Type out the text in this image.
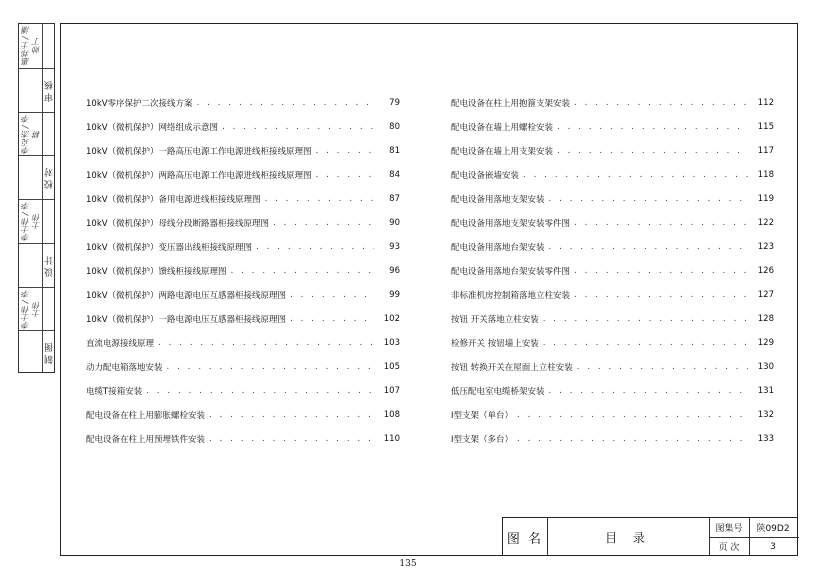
惠邦士 / 潘帅丁
审 核
李克杰 / 李耕
校 对
李士伟 / 李士伟
设 计
李士伟 / 李士伟
制 图
10kV零序保护二次接线方案 . . .	79
10kV（微机保护）网络组成示意图 . . .	80
10kV（微机保护）一路高压电源工作电源进线柜接线原理图 . . .	81
10kV（微机保护）两路高压电源工作电源进线柜接线原理图 . . .	84
10kV（微机保护）备用电源进线柜接线原理图 . . .	87
10kV（微机保护）母线分段断路器柜接线原理图 . . .	90
10kV（微机保护）变压器出线柜接线原理图 . . .	93
10kV（微机保护）馈线柜接线原理图 . . .	96
10kV（微机保护）两路电源电压互感器柜接线原理图 . . .	99
10kV（微机保护）一路电源电压互感器柜接线原理图 . . .	102
直流电源接线原理 . . .	103
动力配电箱落地安装 . . .	105
电缆T接箱安装 . . .	107
配电设备在柱上用膨胀螺栓安装 . . .	108
配电设备在柱上用预埋铁件安装 . . .	110
配电设备在柱上用抱箍支架安装 . . .	112
配电设备在墙上用螺栓安装 . . .	115
配电设备在墙上用支架安装 . . .	117
配电设备嵌墙安装 . . .	118
配电设备用落地支架安装 . . .	119
配电设备用落地支架安装零件图 . . .	122
配电设备用落地台架安装 . . .	123
配电设备用落地台架安装零件图 . . .	126
非标准机房控制箱落地立柱安装 . . .	127
按钮 开关落地立柱安装 . . .	128
检修开关 按钮墙上安装 . . .	129
按钮 转换开关在屋面上立柱安装 . . .	130
低压配电室电缆桥架安装 . . .	131
I型支架（单台） . . .	132
I型支架（多台） . . .	133
图 名	目 录
图集号	陕09D2
页 次	3
135
